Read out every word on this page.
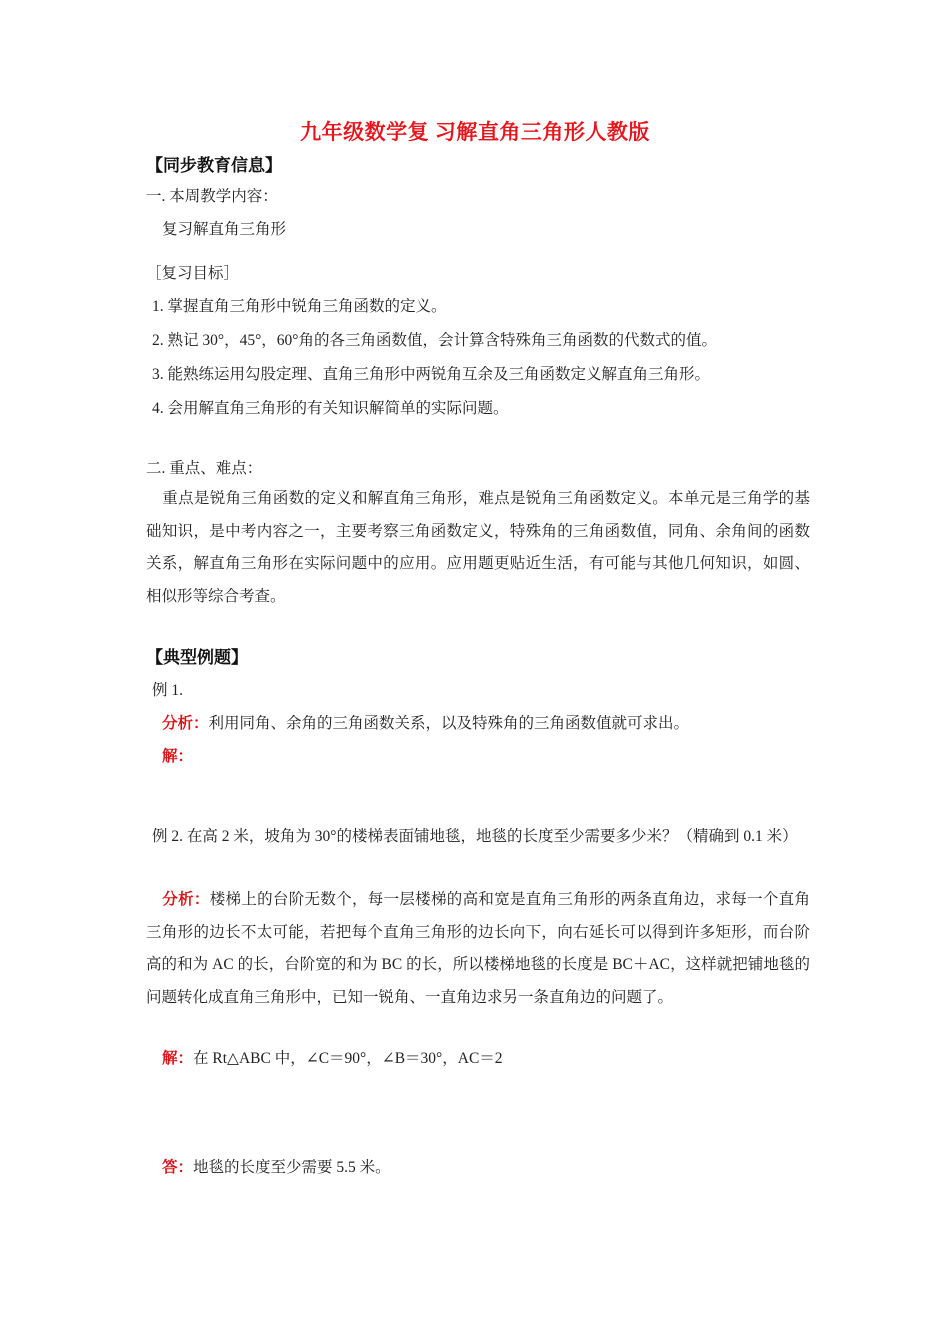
九年级数学复 习解直角三角形人教版
【同步教育信息】
一. 本周教学内容：
复习解直角三角形
［复习目标］
1. 掌握直角三角形中锐角三角函数的定义。
2. 熟记 30°，45°，60°角的各三角函数值，会计算含特殊角三角函数的代数式的值。
3. 能熟练运用勾股定理、直角三角形中两锐角互余及三角函数定义解直角三角形。
4. 会用解直角三角形的有关知识解简单的实际问题。
二. 重点、难点：
重点是锐角三角函数的定义和解直角三角形，难点是锐角三角函数定义。本单元是三角学的基础知识，是中考内容之一，主要考察三角函数定义，特殊角的三角函数值，同角、余角间的函数关系，解直角三角形在实际问题中的应用。应用题更贴近生活，有可能与其他几何知识，如圆、相似形等综合考查。
【典型例题】
例 1.
分析：利用同角、余角的三角函数关系，以及特殊角的三角函数值就可求出。
解：
例 2. 在高 2 米，坡角为 30°的楼梯表面铺地毯，地毯的长度至少需要多少米？（精确到 0.1 米）
分析：楼梯上的台阶无数个，每一层楼梯的高和宽是直角三角形的两条直角边，求每一个直角三角形的边长不太可能，若把每个直角三角形的边长向下，向右延长可以得到许多矩形，而台阶高的和为 AC 的长，台阶宽的和为 BC 的长，所以楼梯地毯的长度是 BC＋AC，这样就把铺地毯的问题转化成直角三角形中，已知一锐角、一直角边求另一条直角边的问题了。
解：在 Rt△ABC 中，∠C＝90°，∠B＝30°，AC＝2
答：地毯的长度至少需要 5.5 米。
